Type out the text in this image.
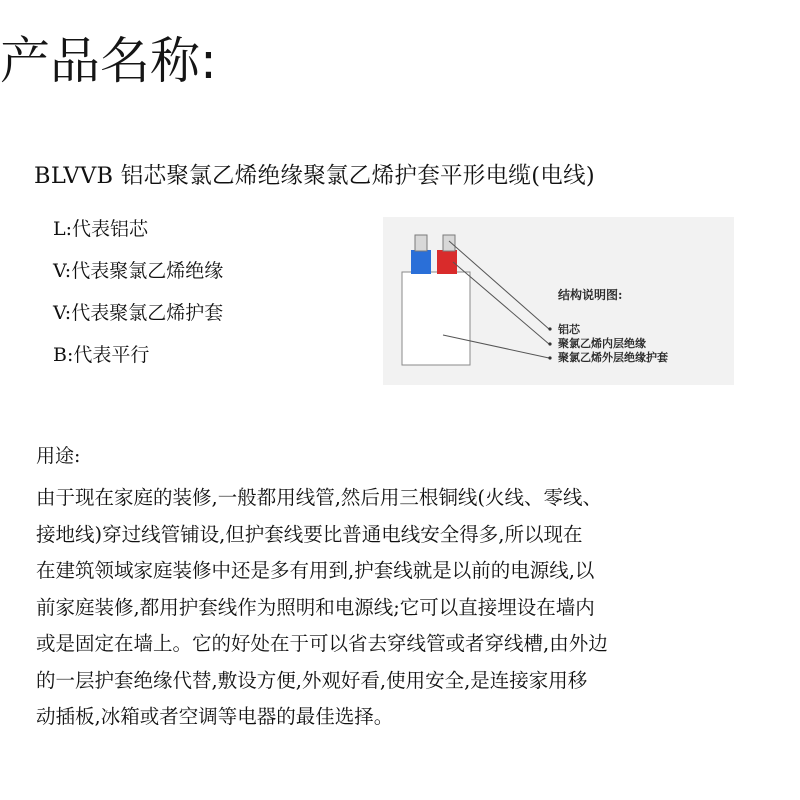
产品名称:
BLVVB 铝芯聚氯乙烯绝缘聚氯乙烯护套平形电缆(电线)
L:代表铝芯
V:代表聚氯乙烯绝缘
V:代表聚氯乙烯护套
B:代表平行
结构说明图:
铝芯
聚氯乙烯内层绝缘
聚氯乙烯外层绝缘护套
用途:
由于现在家庭的装修,一般都用线管,然后用三根铜线(火线、零线、
接地线)穿过线管铺设,但护套线要比普通电线安全得多,所以现在
在建筑领域家庭装修中还是多有用到,护套线就是以前的电源线,以
前家庭装修,都用护套线作为照明和电源线;它可以直接埋设在墙内
或是固定在墙上。它的好处在于可以省去穿线管或者穿线槽,由外边
的一层护套绝缘代替,敷设方便,外观好看,使用安全,是连接家用移
动插板,冰箱或者空调等电器的最佳选择。
